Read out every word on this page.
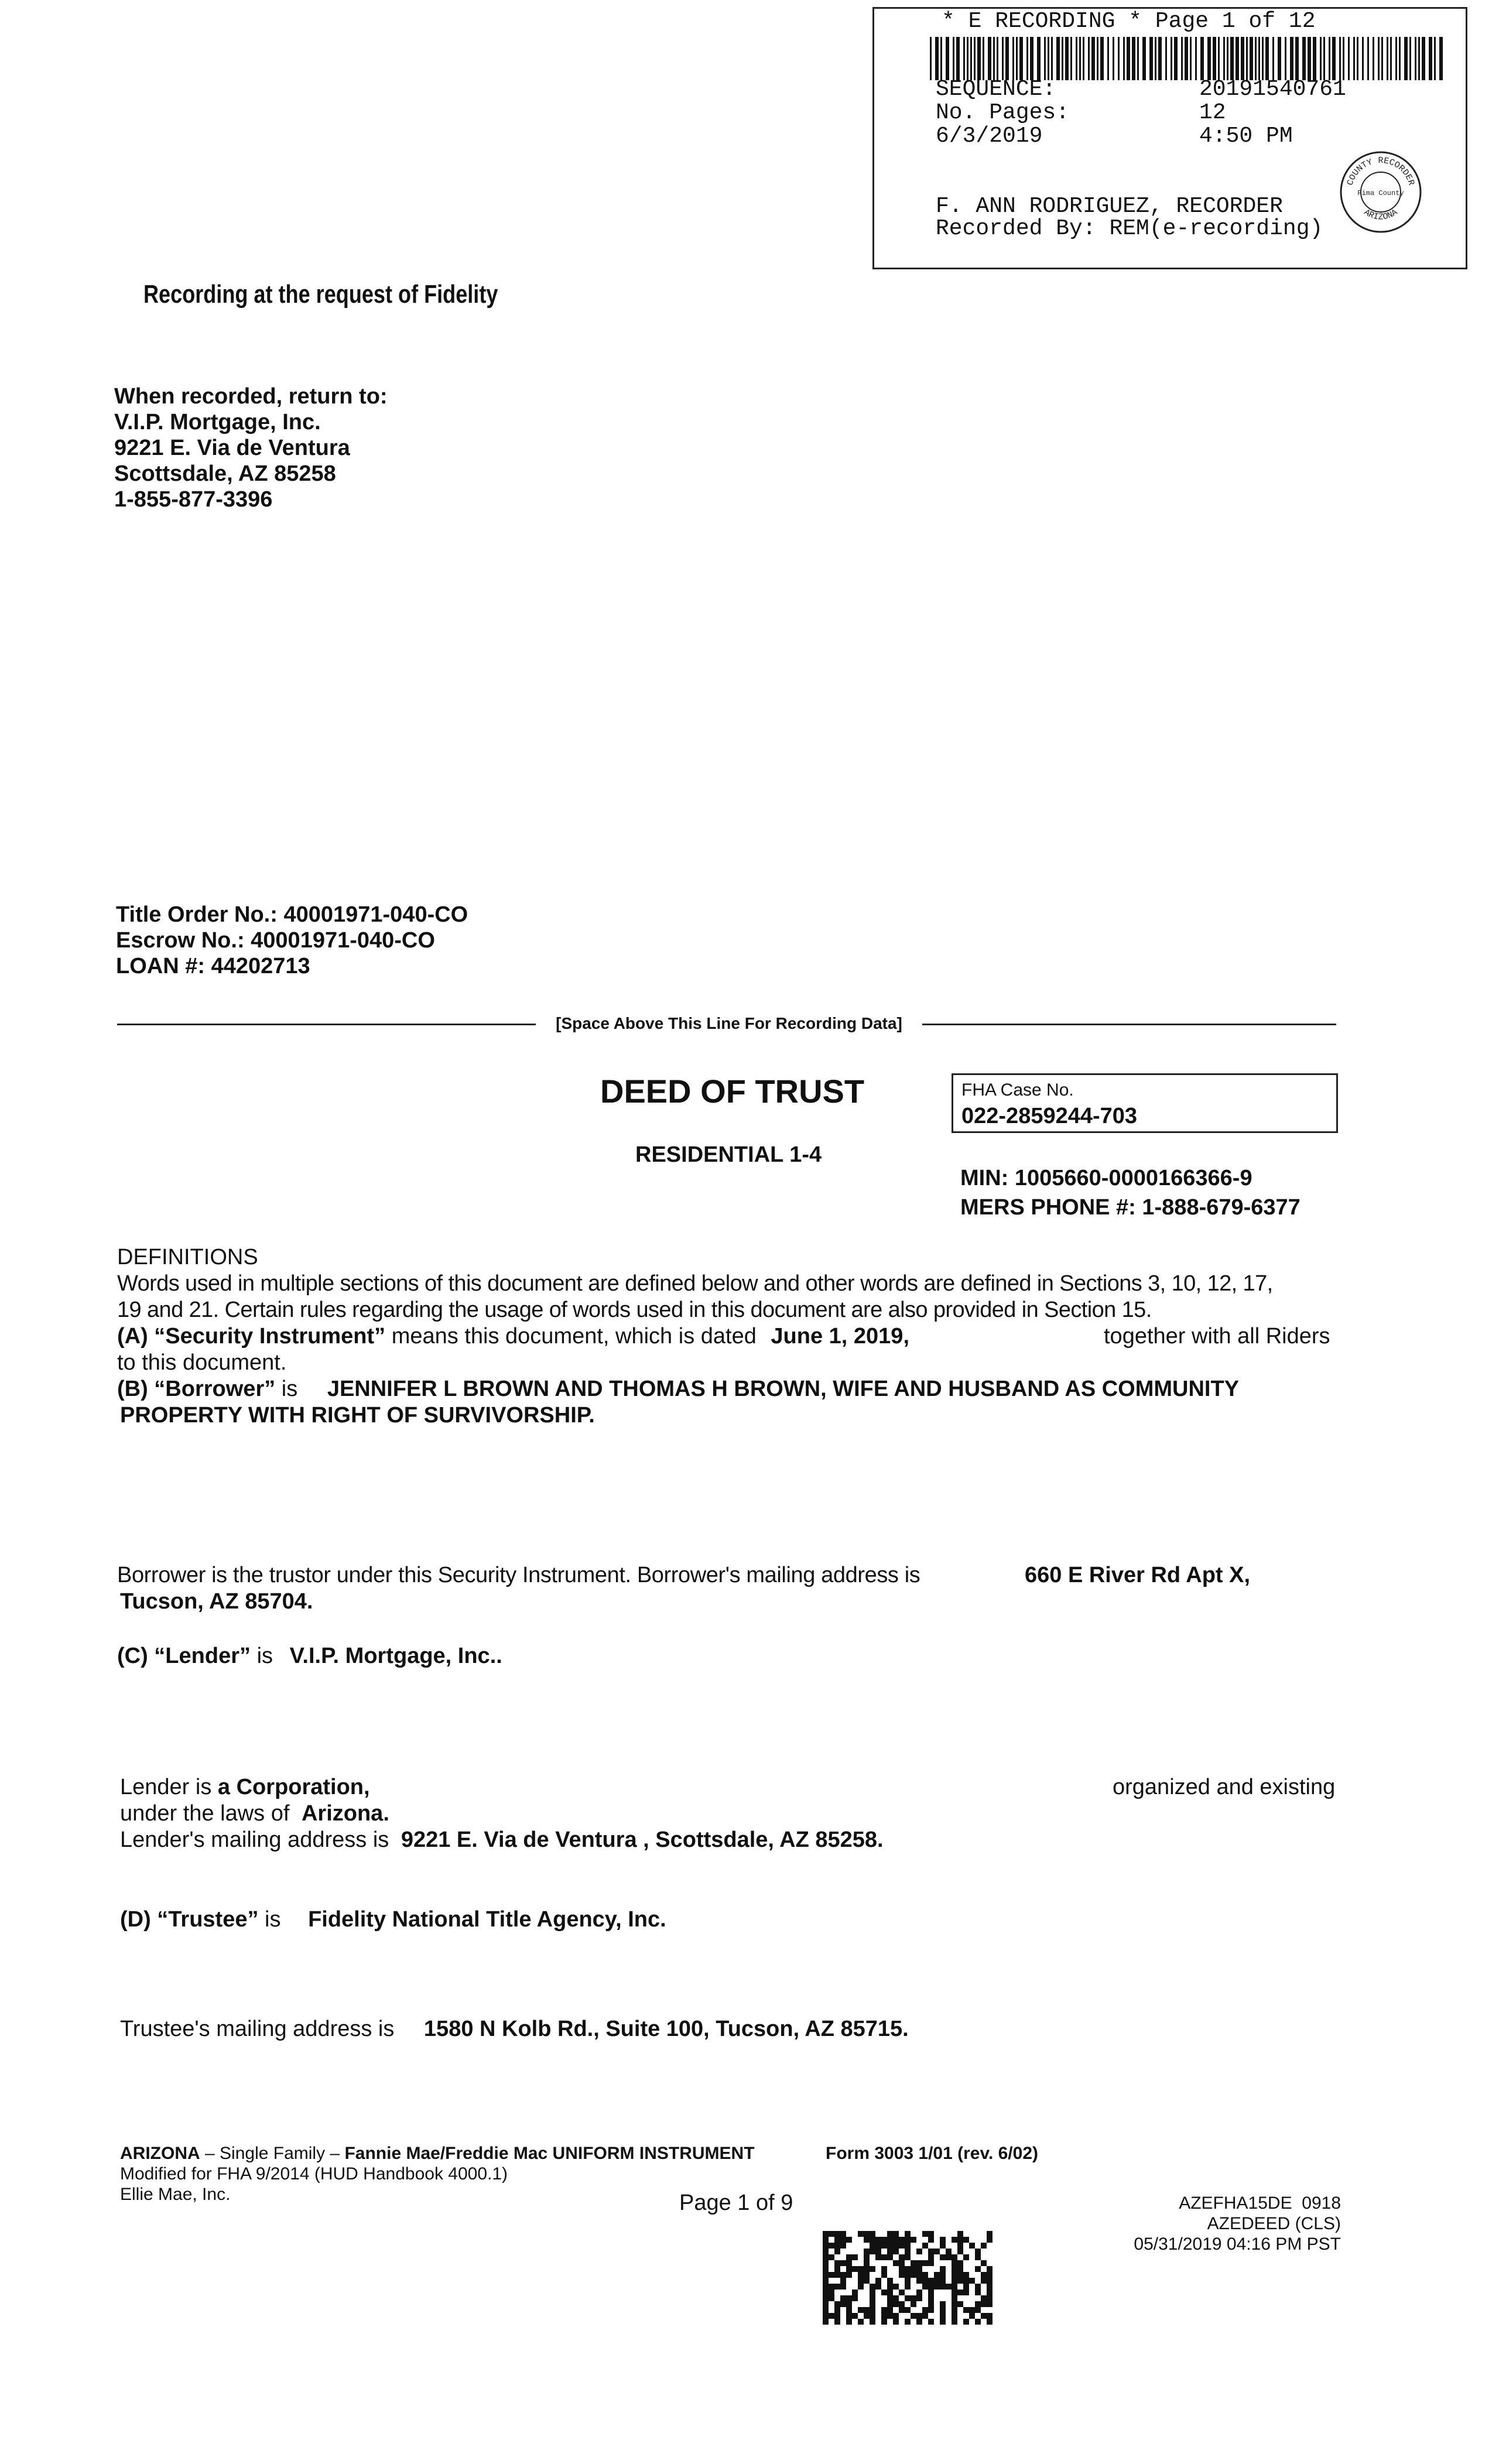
* E RECORDING * Page 1 of 12
SEQUENCE:	20191540761
No. Pages:	12
6/3/2019	4:50 PM
F. ANN RODRIGUEZ, RECORDER
Recorded By: REM(e-recording)
COUNTY RECORDER
Pima County
ARIZONA
Recording at the request of Fidelity
When recorded, return to:
V.I.P. Mortgage, Inc.
9221 E. Via de Ventura
Scottsdale, AZ 85258
1-855-877-3396
Title Order No.: 40001971-040-CO
Escrow No.: 40001971-040-CO
LOAN #: 44202713
[Space Above This Line For Recording Data]
DEED OF TRUST
RESIDENTIAL 1-4
FHA Case No.
022-2859244-703
MIN: 1005660-0000166366-9
MERS PHONE #: 1-888-679-6377
DEFINITIONS
Words used in multiple sections of this document are defined below and other words are defined in Sections 3, 10, 12, 17,
19 and 21. Certain rules regarding the usage of words used in this document are also provided in Section 15.
(A) “Security Instrument” means this document, which is dated June 1, 2019,	together with all Riders
to this document.
(B) “Borrower” is JENNIFER L BROWN AND THOMAS H BROWN, WIFE AND HUSBAND AS COMMUNITY
PROPERTY WITH RIGHT OF SURVIVORSHIP.
Borrower is the trustor under this Security Instrument. Borrower's mailing address is	660 E River Rd Apt X,
Tucson, AZ 85704.
(C) “Lender” is V.I.P. Mortgage, Inc..
Lender is a Corporation,	organized and existing
under the laws of Arizona.
Lender's mailing address is 9221 E. Via de Ventura , Scottsdale, AZ 85258.
(D) “Trustee” is Fidelity National Title Agency, Inc.
Trustee's mailing address is 1580 N Kolb Rd., Suite 100, Tucson, AZ 85715.
ARIZONA – Single Family – Fannie Mae/Freddie Mac UNIFORM INSTRUMENT	Form 3003 1/01 (rev. 6/02)
Modified for FHA 9/2014 (HUD Handbook 4000.1)
Ellie Mae, Inc.	Page 1 of 9	AZEFHA15DE  0918
AZEDEED (CLS)
05/31/2019 04:16 PM PST
